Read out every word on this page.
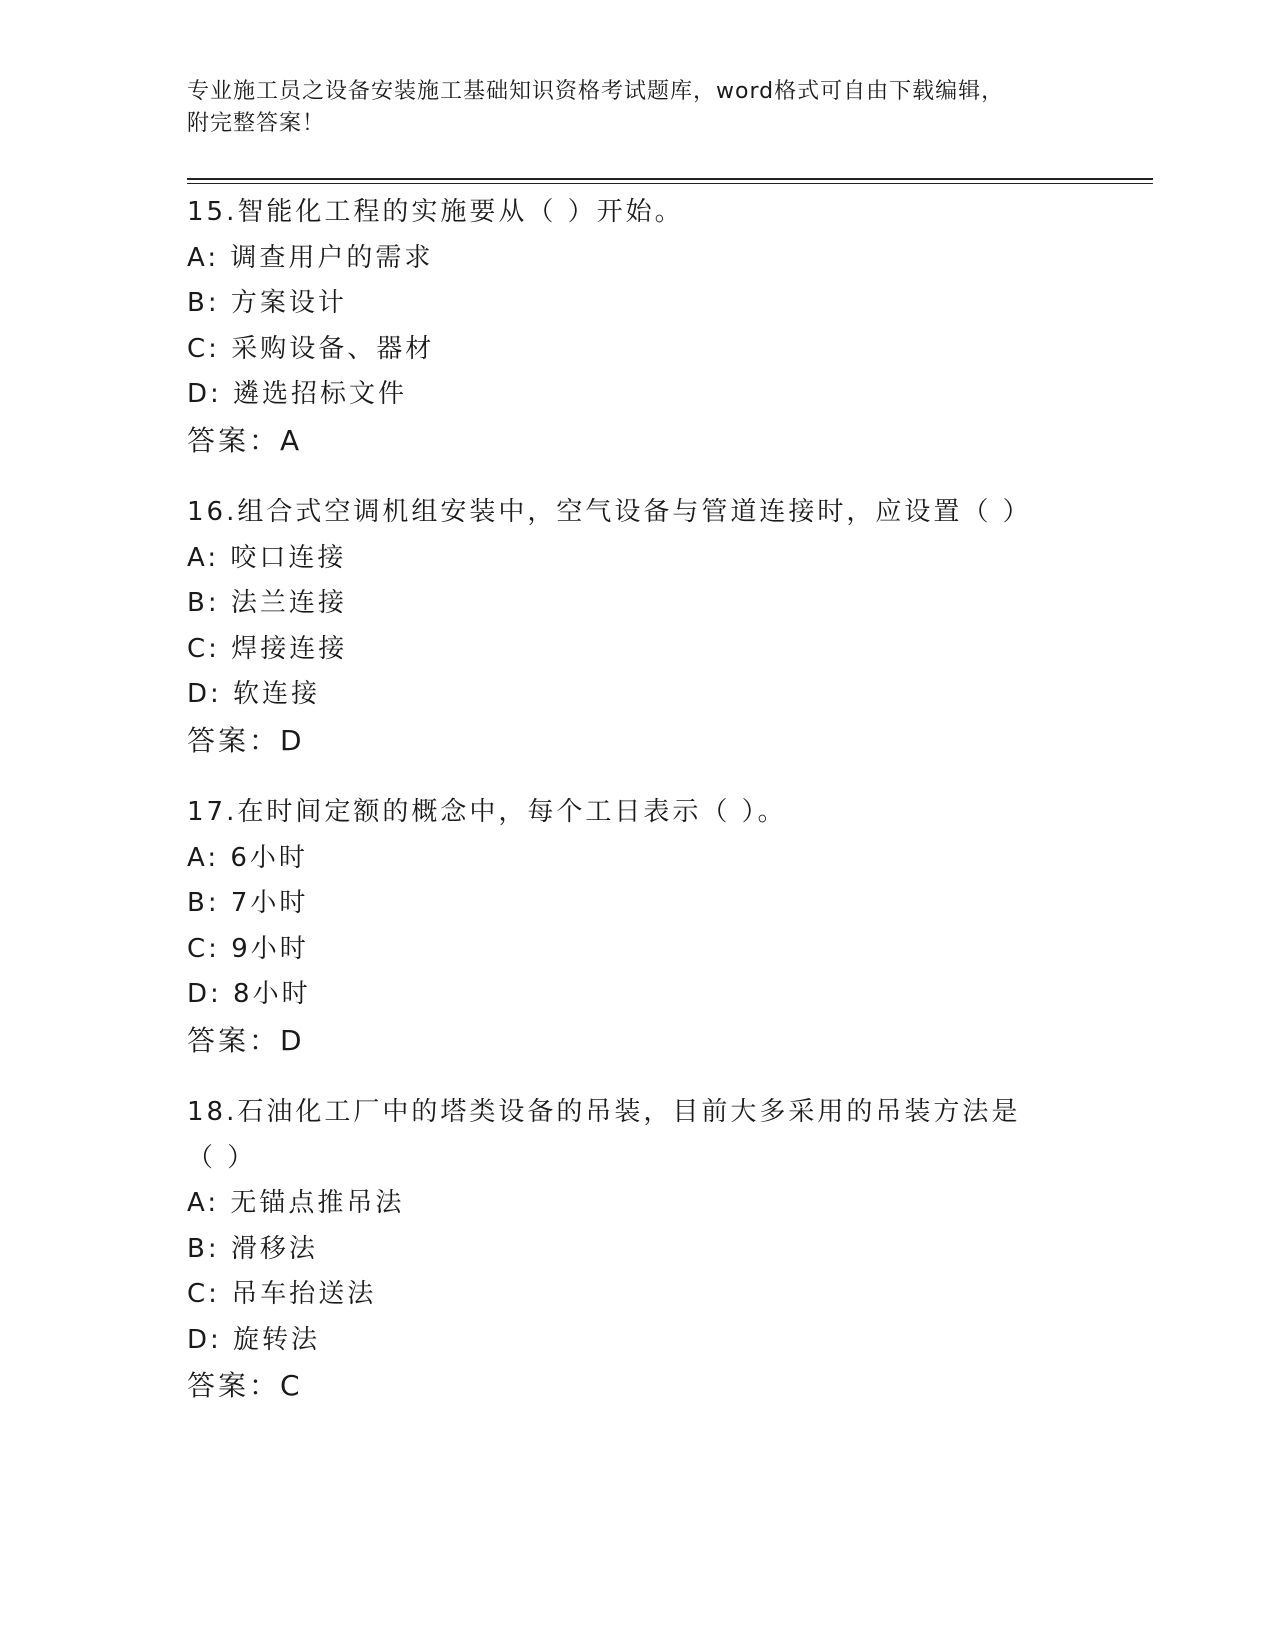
专业施工员之设备安装施工基础知识资格考试题库，word格式可自由下载编辑，
附完整答案！
15.智能化工程的实施要从（ ）开始。
A: 调查用户的需求
B: 方案设计
C: 采购设备、器材
D: 遴选招标文件
答案：A
16.组合式空调机组安装中，空气设备与管道连接时，应设置（ ）
A: 咬口连接
B: 法兰连接
C: 焊接连接
D: 软连接
答案：D
17.在时间定额的概念中，每个工日表示（ ）。
A: 6小时
B: 7小时
C: 9小时
D: 8小时
答案：D
18.石油化工厂中的塔类设备的吊装，目前大多采用的吊装方法是（ ）
A: 无锚点推吊法
B: 滑移法
C: 吊车抬送法
D: 旋转法
答案：C
